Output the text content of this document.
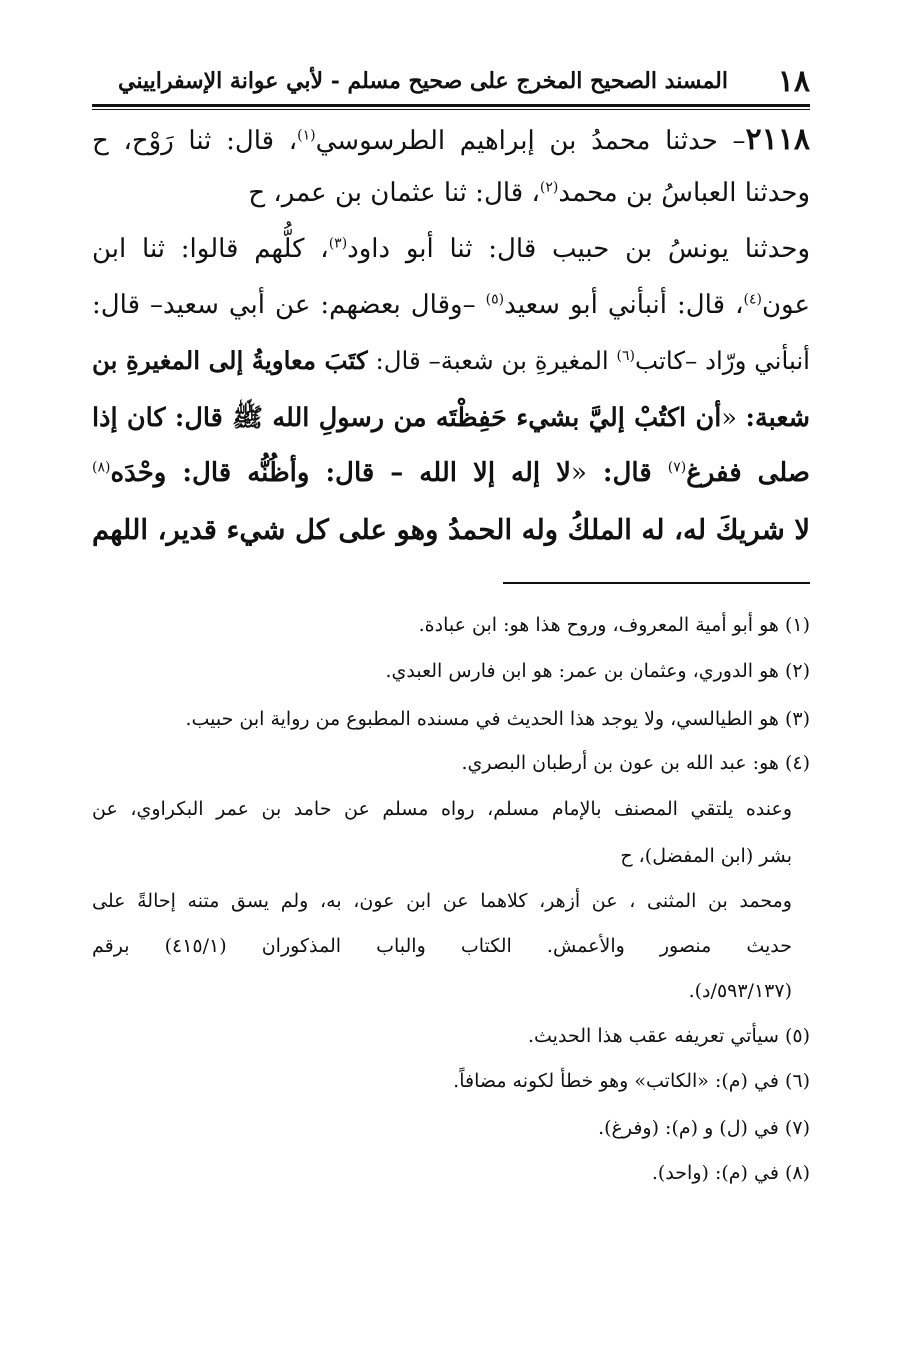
١٨
المسند الصحيح المخرج على صحيح مسلم - لأبي عوانة الإسفراييني
٢١١٨– حدثنا محمدُ بن إبراهيم الطرسوسي$^{(١)}$، قال: ثنا رَوْح، ح
وحدثنا العباسُ بن محمد$^{(٢)}$، قال: ثنا عثمان بن عمر، ح
وحدثنا يونسُ بن حبيب قال: ثنا أبو داود$^{(٣)}$، كلُّهم قالوا: ثنا ابن
عون$^{(٤)}$، قال: أنبأني أبو سعيد$^{(٥)}$ –وقال بعضهم: عن أبي سعيد– قال:
أنبأني ورّاد –كاتب$^{(٦)}$ المغيرةِ بن شعبة– قال: كتَبَ معاويةُ إلى المغيرةِ بن
شعبة: «أن اكتُبْ إليَّ بشيء حَفِظْتَه من رسولِ الله ﷺ قال: كان إذا
صلى ففرغ$^{(٧)}$ قال: «لا إله إلا الله – قال: وأظُنُّه قال: وحْدَه$^{(٨)}$
لا شريكَ له، له الملكُ وله الحمدُ وهو على كل شيء قدير، اللهم
(١) هو أبو أمية المعروف، وروح هذا هو: ابن عبادة.
(٢) هو الدوري، وعثمان بن عمر: هو ابن فارس العبدي.
(٣) هو الطيالسي، ولا يوجد هذا الحديث في مسنده المطبوع من رواية ابن حبيب.
(٤) هو: عبد الله بن عون بن أرطبان البصري.
وعنده يلتقي المصنف بالإمام مسلم، رواه مسلم عن حامد بن عمر البكراوي، عن
بشر (ابن المفضل)، ح
ومحمد بن المثنى ، عن أزهر، كلاهما عن ابن عون، به، ولم يسق متنه إحالةً على
حديث منصور والأعمش. الكتاب والباب المذكوران (٤١٥/١) برقم
(٥٩٣/١٣٧/د).
(٥) سيأتي تعريفه عقب هذا الحديث.
(٦) في (م): «الكاتب» وهو خطأ لكونه مضافاً.
(٧) في (ل) و (م): (وفرغ).
(٨) في (م): (واحد).
